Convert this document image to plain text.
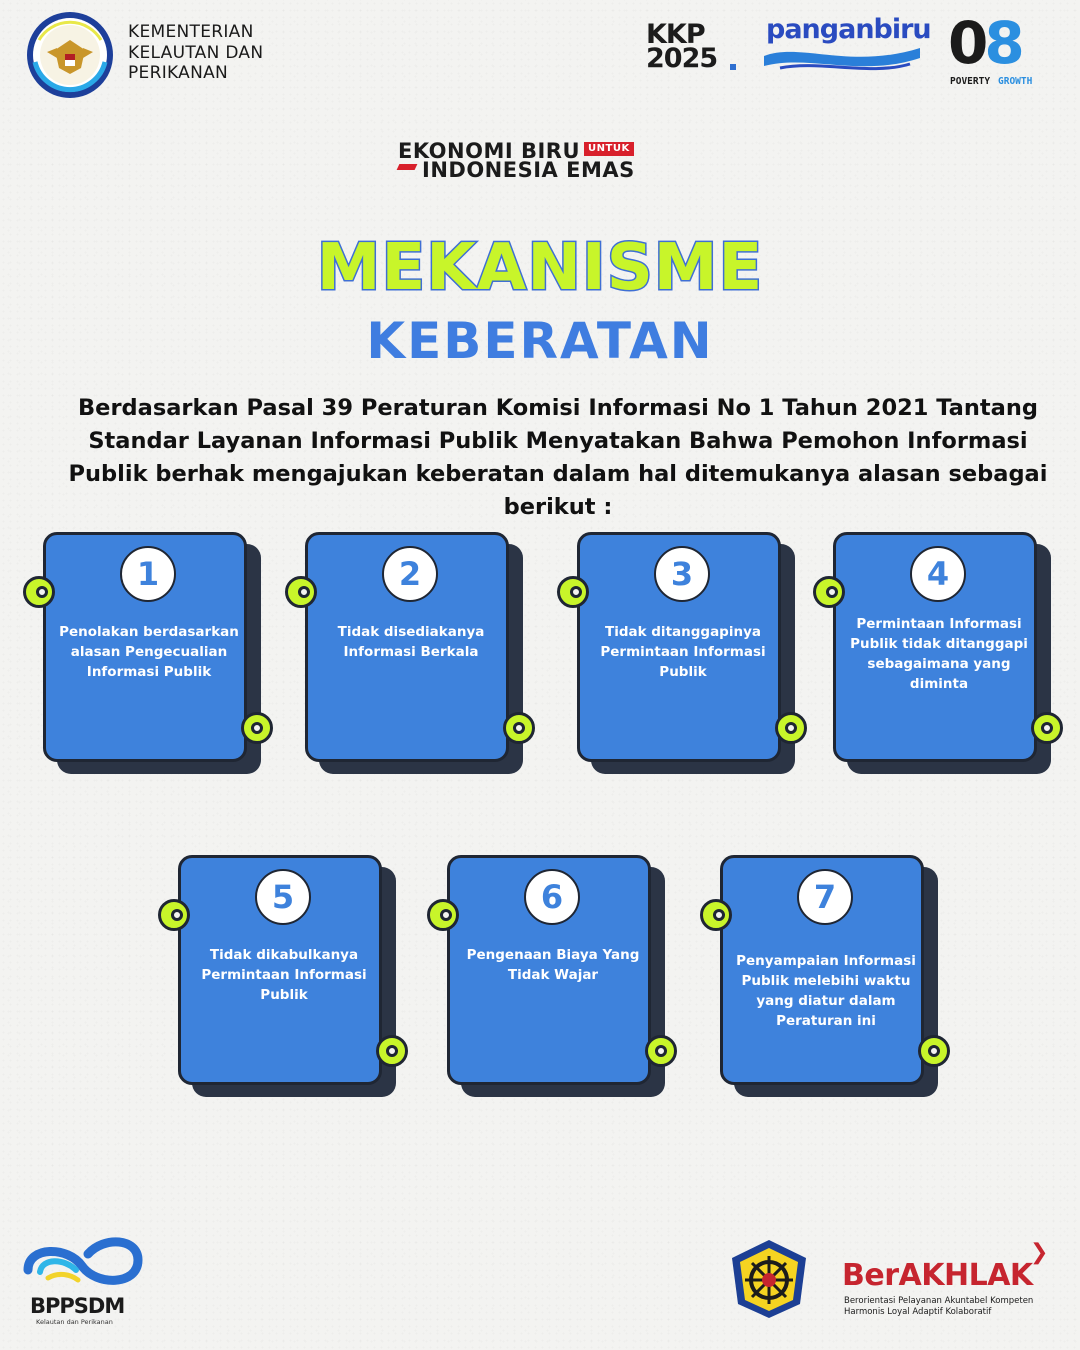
KEMENTERIAN
KELAUTAN DAN
PERIKANAN
KKP
2025
panganbiru 08
POVERTY GROWTH
EKONOMI BIRU UNTUK
INDONESIA EMAS
MEKANISME
KEBERATAN
Berdasarkan Pasal 39 Peraturan Komisi Informasi No 1 Tahun 2021 Tantang Standar Layanan Informasi Publik Menyatakan Bahwa Pemohon Informasi Publik berhak mengajukan keberatan dalam hal ditemukanya alasan sebagai berikut :
1
Penolakan berdasarkan alasan Pengecualian Informasi Publik
2
Tidak disediakanya Informasi Berkala
3
Tidak ditanggapinya Permintaan Informasi Publik
4
Permintaan Informasi Publik tidak ditanggapi sebagaimana yang diminta
5
Tidak dikabulkanya Permintaan Informasi Publik
6
Pengenaan Biaya Yang Tidak Wajar
7
Penyampaian Informasi Publik melebihi waktu yang diatur dalam Peraturan ini
BPPSDM
Kelautan dan Perikanan
❯
BerAKHLAK
Berorientasi Pelayanan Akuntabel Kompeten
Harmonis Loyal Adaptif Kolaboratif
